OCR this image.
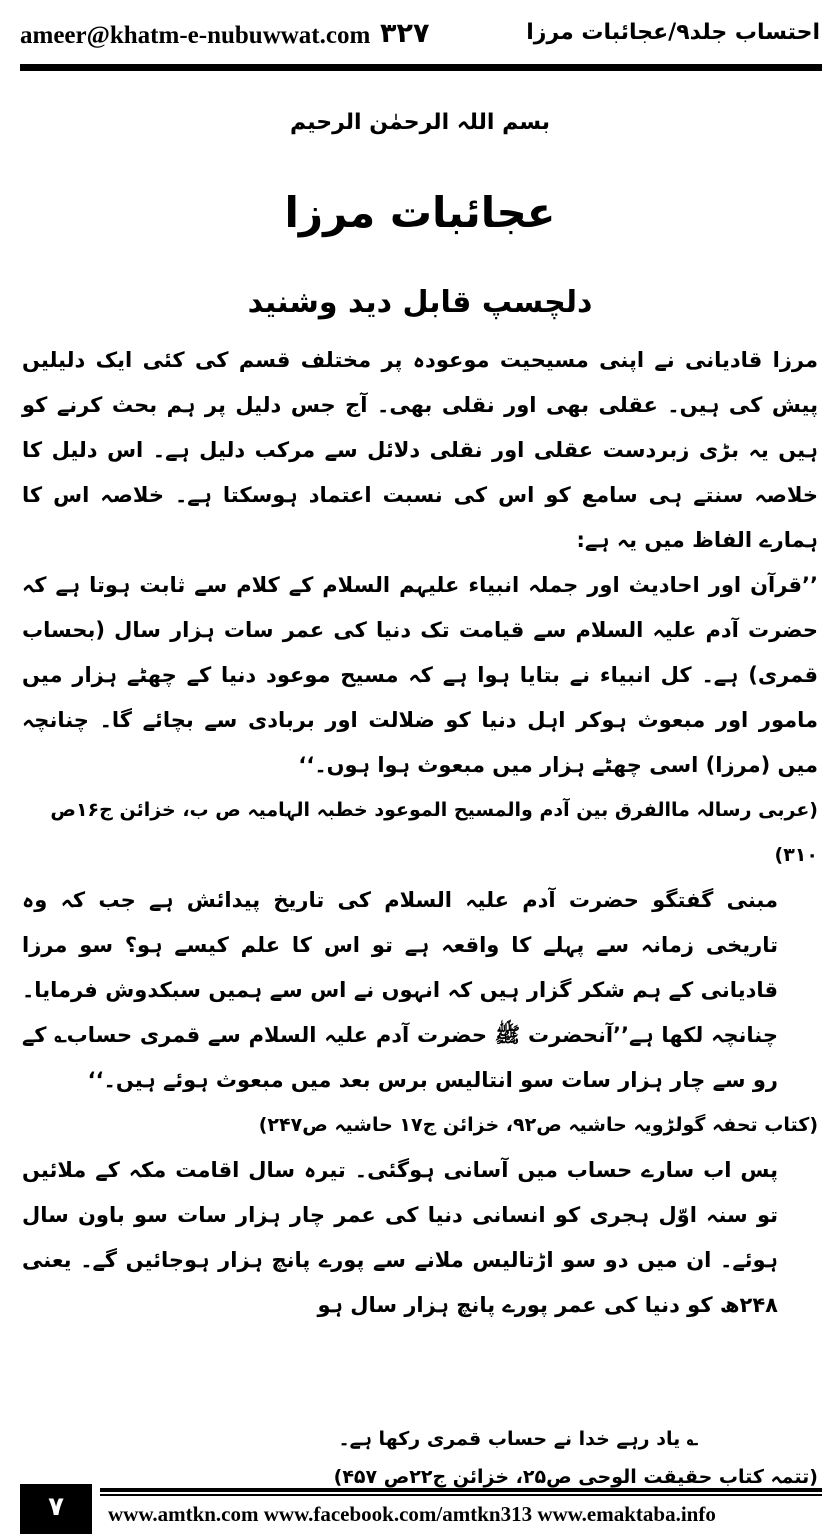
ameer@khatm-e-nubuwwat.com ۳۲۷	احتساب جلد۹/عجائبات مرزا
بسم اللہ الرحمٰن الرحیم
عجائبات مرزا
دلچسپ قابل دید وشنید

مرزا قادیانی نے اپنی مسیحیت موعودہ پر مختلف قسم کی کئی ایک دلیلیں پیش کی ہیں۔ عقلی بھی اور نقلی بھی۔ آج جس دلیل پر ہم بحث کرنے کو ہیں یہ بڑی زبردست عقلی اور نقلی دلائل سے مرکب دلیل ہے۔ اس دلیل کا خلاصہ سنتے ہی سامع کو اس کی نسبت اعتماد ہوسکتا ہے۔ خلاصہ اس کا ہمارے الفاظ میں یہ ہے:

’’قرآن اور احادیث اور جملہ انبیاء علیہم السلام کے کلام سے ثابت ہوتا ہے کہ حضرت آدم علیہ السلام سے قیامت تک دنیا کی عمر سات ہزار سال (بحساب قمری) ہے۔ کل انبیاء نے بتایا ہوا ہے کہ مسیح موعود دنیا کے چھٹے ہزار میں مامور اور مبعوث ہوکر اہل دنیا کو ضلالت اور بربادی سے بچائے گا۔ چنانچہ میں (مرزا) اسی چھٹے ہزار میں مبعوث ہوا ہوں۔‘‘

(عربی رسالہ ماالفرق بین آدم والمسیح الموعود خطبہ الہامیہ ص ب، خزائن ج۱۶ص ۳۱۰)

مبنی گفتگو حضرت آدم علیہ السلام کی تاریخ پیدائش ہے جب کہ وہ تاریخی زمانہ سے پہلے کا واقعہ ہے تو اس کا علم کیسے ہو؟ سو مرزا قادیانی کے ہم شکر گزار ہیں کہ انہوں نے اس سے ہمیں سبکدوش فرمایا۔ چنانچہ لکھا ہے’’آنحضرت ﷺ حضرت آدم علیہ السلام سے قمری حساب؎ کے رو سے چار ہزار سات سو انتالیس برس بعد میں مبعوث ہوئے ہیں۔‘‘

(کتاب تحفہ گولڑویہ حاشیہ ص۹۲، خزائن ج۱۷ حاشیہ ص۲۴۷)

پس اب سارے حساب میں آسانی ہوگئی۔ تیرہ سال اقامت مکہ کے ملائیں تو سنہ اوّل ہجری کو انسانی دنیا کی عمر چار ہزار سات سو باون سال ہوئے۔ ان میں دو سو اڑتالیس ملانے سے پورے پانچ ہزار ہوجائیں گے۔ یعنی ۲۴۸ھ کو دنیا کی عمر پورے پانچ ہزار سال ہو

؎ یاد رہے خدا نے حساب قمری رکھا ہے۔

(تتمہ کتاب حقیقت الوحی ص۲۵، خزائن ج۲۲ص ۴۵۷)

۷	www.amtkn.com www.facebook.com/amtkn313 www.emaktaba.info
